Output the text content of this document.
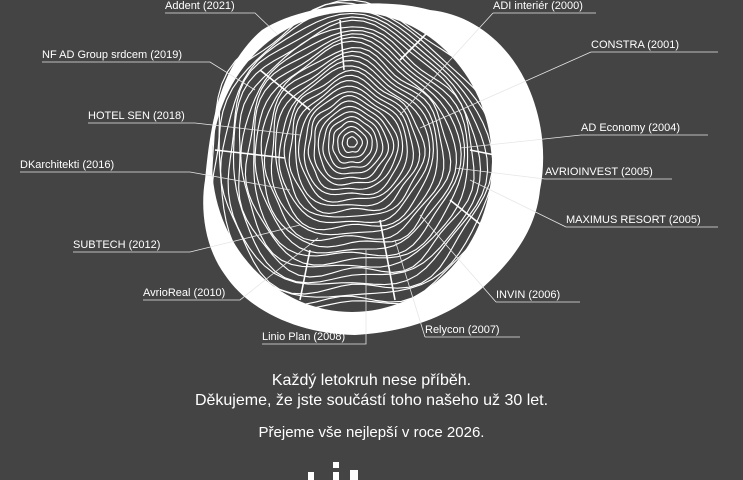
Addent (2021)
NF AD Group srdcem (2019)
HOTEL SEN (2018)
DKarchitekti (2016)
SUBTECH (2012)
AvrioReal (2010)
Linio Plan (2008)
Relycon (2007)
INVIN (2006)
MAXIMUS RESORT (2005)
AVRIOINVEST (2005)
AD Economy (2004)
CONSTRA (2001)
ADI interiér (2000)
Každý letokruh nese příběh.
Děkujeme, že jste součástí toho našeho už 30 let.
Přejeme vše nejlepší v roce 2026.
